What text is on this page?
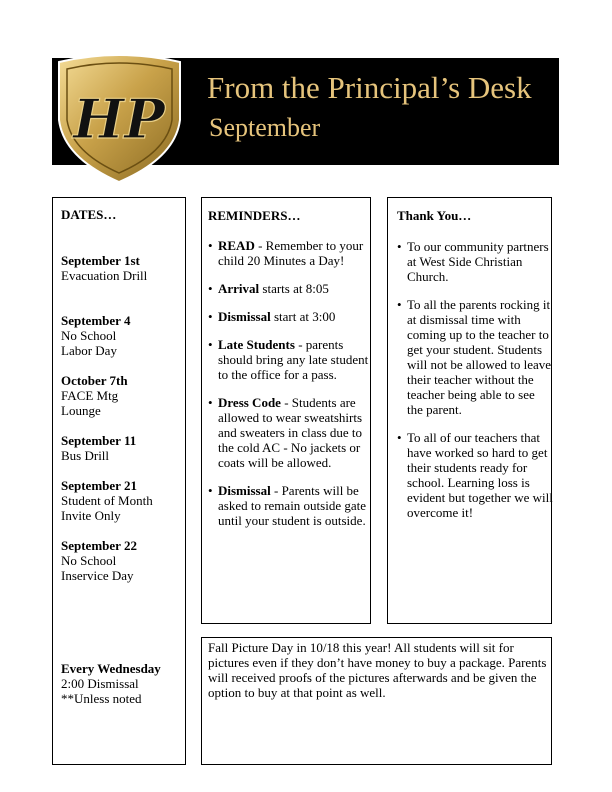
HP From the Principal’s Desk
September
DATES…
September 1st
Evacuation Drill
September 4
No School
Labor Day
October 7th
FACE Mtg
Lounge
September 11
Bus Drill
September 21
Student of Month
Invite Only
September 22
No School
Inservice Day
Every Wednesday
2:00 Dismissal
**Unless noted
REMINDERS…
• READ - Remember to your child 20 Minutes a Day!
• Arrival starts at 8:05
• Dismissal start at 3:00
• Late Students - parents should bring any late student to the office for a pass.
• Dress Code - Students are allowed to wear sweatshirts and sweaters in class due to the cold AC - No jackets or coats will be allowed.
• Dismissal - Parents will be asked to remain outside gate until your student is outside.
Thank You…
• To our community partners at West Side Christian Church.
• To all the parents rocking it at dismissal time with coming up to the teacher to get your student. Students will not be allowed to leave their teacher without the teacher being able to see the parent.
• To all of our teachers that have worked so hard to get their students ready for school. Learning loss is evident but together we will overcome it!
Fall Picture Day in 10/18 this year! All students will sit for pictures even if they don’t have money to buy a package. Parents will received proofs of the pictures afterwards and be given the option to buy at that point as well.
